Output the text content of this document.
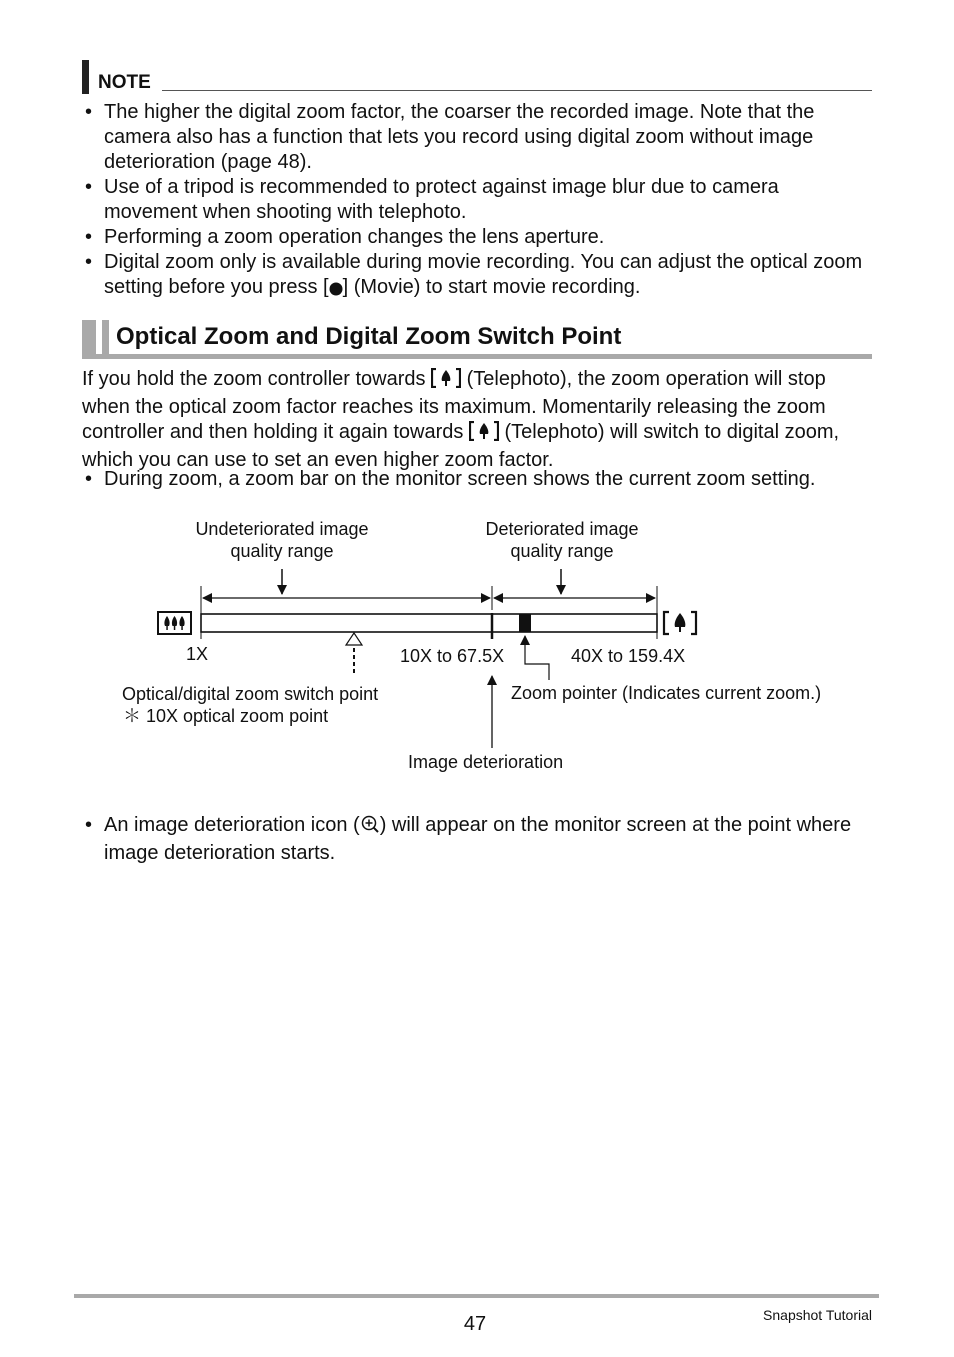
NOTE
• The higher the digital zoom factor, the coarser the recorded image. Note that the camera also has a function that lets you record using digital zoom without image deterioration (page 48).
• Use of a tripod is recommended to protect against image blur due to camera movement when shooting with telephoto.
• Performing a zoom operation changes the lens aperture.
• Digital zoom only is available during movie recording. You can adjust the optical zoom setting before you press [ ] (Movie) to start movie recording.
Optical Zoom and Digital Zoom Switch Point
If you hold the zoom controller towards  (Telephoto), the zoom operation will stop when the optical zoom factor reaches its maximum. Momentarily releasing the zoom controller and then holding it again towards  (Telephoto) will switch to digital zoom, which you can use to set an even higher zoom factor.
• During zoom, a zoom bar on the monitor screen shows the current zoom setting.
Undeteriorated image
quality range
Deteriorated image
quality range
1X	10X to 67.5X	40X to 159.4X
Optical/digital zoom switch point
＊ 10X optical zoom point
Zoom pointer (Indicates current zoom.)
Image deterioration
• An image deterioration icon ( ) will appear on the monitor screen at the point where image deterioration starts.
47	Snapshot Tutorial
